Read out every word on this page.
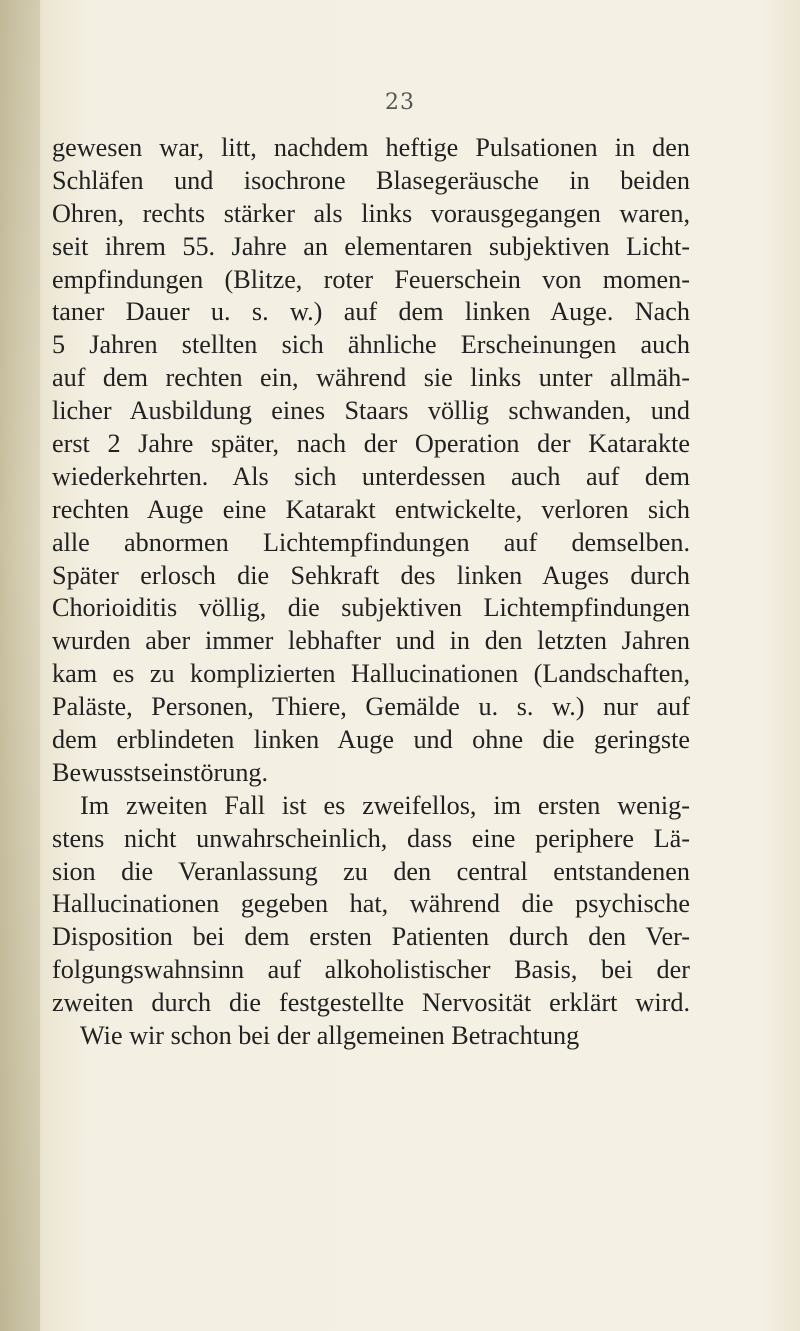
23
gewesen war, litt, nachdem heftige Pulsationen in den
Schläfen und isochrone Blasegeräusche in beiden
Ohren, rechts stärker als links vorausgegangen waren,
seit ihrem 55. Jahre an elementaren subjektiven Licht-
empfindungen (Blitze, roter Feuerschein von momen-
taner Dauer u. s. w.) auf dem linken Auge. Nach
5 Jahren stellten sich ähnliche Erscheinungen auch
auf dem rechten ein, während sie links unter allmäh-
licher Ausbildung eines Staars völlig schwanden, und
erst 2 Jahre später, nach der Operation der Katarakte
wiederkehrten. Als sich unterdessen auch auf dem
rechten Auge eine Katarakt entwickelte, verloren sich
alle abnormen Lichtempfindungen auf demselben.
Später erlosch die Sehkraft des linken Auges durch
Chorioiditis völlig, die subjektiven Lichtempfindungen
wurden aber immer lebhafter und in den letzten Jahren
kam es zu komplizierten Hallucinationen (Landschaften,
Paläste, Personen, Thiere, Gemälde u. s. w.) nur auf
dem erblindeten linken Auge und ohne die geringste
Bewusstseinstörung.
Im zweiten Fall ist es zweifellos, im ersten wenig-
stens nicht unwahrscheinlich, dass eine periphere Lä-
sion die Veranlassung zu den central entstandenen
Hallucinationen gegeben hat, während die psychische
Disposition bei dem ersten Patienten durch den Ver-
folgungswahnsinn auf alkoholistischer Basis, bei der
zweiten durch die festgestellte Nervosität erklärt wird.
Wie wir schon bei der allgemeinen Betrachtung
